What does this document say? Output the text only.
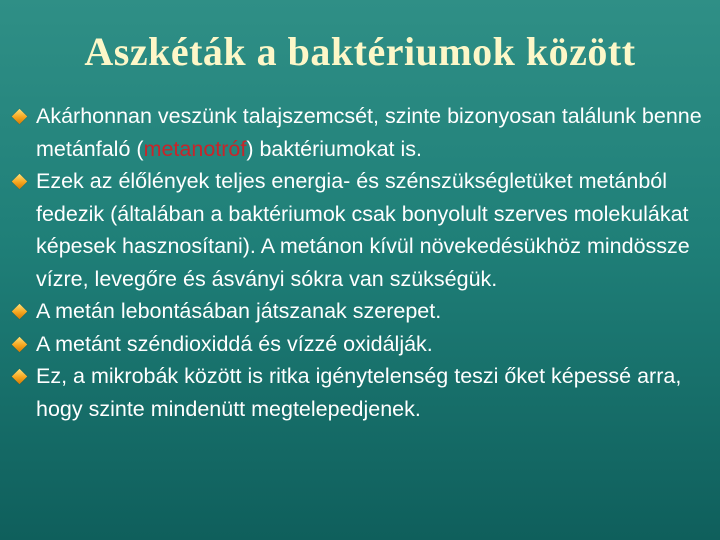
Aszkéták a baktériumok között
Akárhonnan veszünk talajszemcsét, szinte bizonyosan találunk benne metánfaló (metanotróf) baktériumokat is.
Ezek az élőlények teljes energia- és szénszükségletüket metánból fedezik (általában a baktériumok csak bonyolult szerves molekulákat képesek hasznosítani). A metánon kívül növekedésükhöz mindössze vízre, levegőre és ásványi sókra van szükségük.
A metán lebontásában játszanak szerepet.
A metánt széndioxiddá és vízzé oxidálják.
Ez, a mikrobák között is ritka igénytelenség teszi őket képessé arra, hogy szinte mindenütt megtelepedjenek.
